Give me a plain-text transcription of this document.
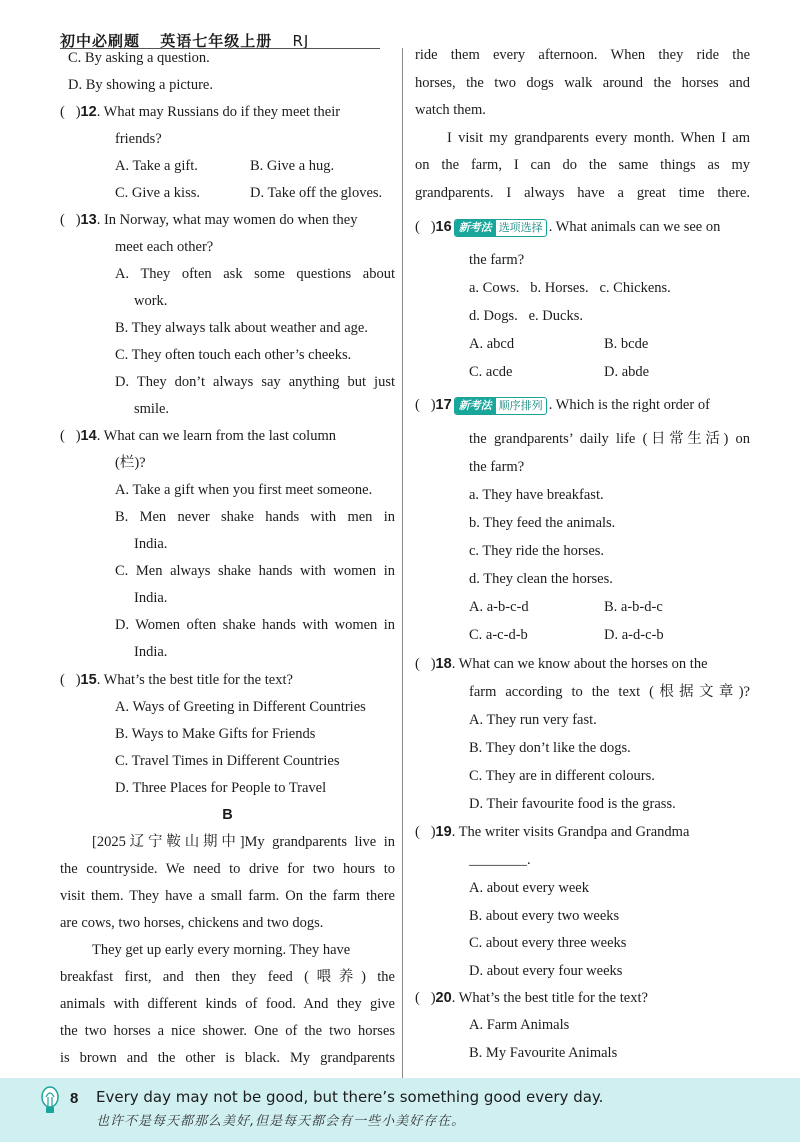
初中必刷题 英语七年级上册 RJ
C. By asking a question.
D. By showing a picture.
(   )12. What may Russians do if they meet their
friends?
A. Take a gift.	B. Give a hug.
C. Give a kiss.	D. Take off the gloves.
(   )13. In Norway, what may women do when they
meet each other?
A. They often ask some questions about
work.
B. They always talk about weather and age.
C. They often touch each other’s cheeks.
D. They don’t always say anything but just
smile.
(   )14. What can we learn from the last column
(栏)?
A. Take a gift when you first meet someone.
B. Men never shake hands with men in
India.
C. Men always shake hands with women in
India.
D. Women often shake hands with women in
India.
(   )15. What’s the best title for the text?
A. Ways of Greeting in Different Countries
B. Ways to Make Gifts for Friends
C. Travel Times in Different Countries
D. Three Places for People to Travel
B
[2025辽宁鞍山期中]My grandparents live in
the countryside. We need to drive for two hours to
visit them. They have a small farm. On the farm there
are cows, two horses, chickens and two dogs.
They get up early every morning. They have
breakfast first, and then they feed (喂养) the
animals with different kinds of food. And they give
the two horses a nice shower. One of the two horses
is brown and the other is black. My grandparents
ride them every afternoon. When they ride the
horses, the two dogs walk around the horses and
watch them.
I visit my grandparents every month. When I am
on the farm, I can do the same things as my
grandparents. I always have a great time there.
(   )16 新考法 选项选择 . What animals can we see on
the farm?
a. Cows.   b. Horses.   c. Chickens.
d. Dogs.   e. Ducks.
A. abcd	B. bcde
C. acde	D. abde
(   )17 新考法 顺序排列 . Which is the right order of
the grandparents’ daily life (日常生活) on
the farm?
a. They have breakfast.
b. They feed the animals.
c. They ride the horses.
d. They clean the horses.
A. a-b-c-d	B. a-b-d-c
C. a-c-d-b	D. a-d-c-b
(   )18. What can we know about the horses on the
farm according to the text (根据文章)?
A. They run very fast.
B. They don’t like the dogs.
C. They are in different colours.
D. Their favourite food is the grass.
(   )19. The writer visits Grandpa and Grandma
________.
A. about every week
B. about every two weeks
C. about every three weeks
D. about every four weeks
(   )20. What’s the best title for the text?
A. Farm Animals
B. My Favourite Animals
8 Every day may not be good, but there’s something good every day.
也许不是每天都那么美好,但是每天都会有一些小美好存在。
